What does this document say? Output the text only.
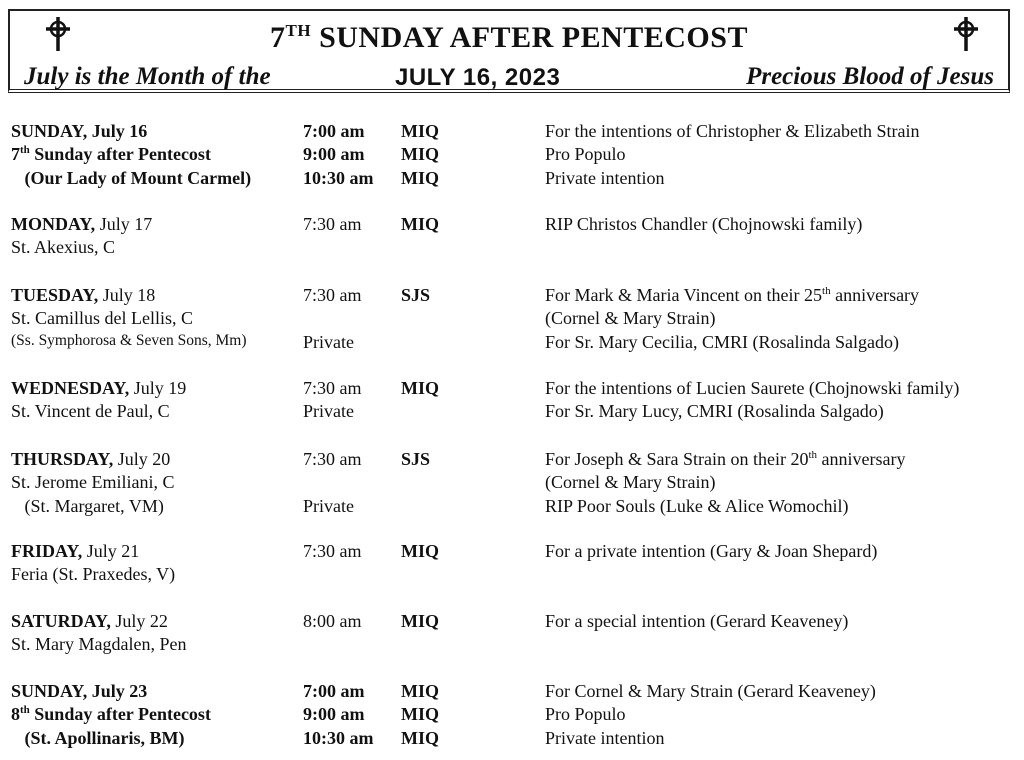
7TH SUNDAY AFTER PENTECOST
July is the Month of the	JULY 16, 2023	Precious Blood of Jesus
SUNDAY, July 16	7:00 am MIQ	For the intentions of Christopher & Elizabeth Strain
7th Sunday after Pentecost	9:00 am MIQ	Pro Populo
(Our Lady of Mount Carmel)	10:30 am MIQ	Private intention
MONDAY, July 17	7:30 am MIQ	RIP Christos Chandler (Chojnowski family)
St. Akexius, C
TUESDAY, July 18	7:30 am SJS	For Mark & Maria Vincent on their 25th anniversary
St. Camillus del Lellis, C	(Cornel & Mary Strain)
(Ss. Symphorosa & Seven Sons, Mm)	Private	For Sr. Mary Cecilia, CMRI (Rosalinda Salgado)
WEDNESDAY, July 19	7:30 am MIQ	For the intentions of Lucien Saurete (Chojnowski family)
St. Vincent de Paul, C	Private	For Sr. Mary Lucy, CMRI (Rosalinda Salgado)
THURSDAY, July 20	7:30 am SJS	For Joseph & Sara Strain on their 20th anniversary
St. Jerome Emiliani, C	(Cornel & Mary Strain)
(St. Margaret, VM)	Private	RIP Poor Souls (Luke & Alice Womochil)
FRIDAY, July 21	7:30 am MIQ	For a private intention (Gary & Joan Shepard)
Feria (St. Praxedes, V)
SATURDAY, July 22	8:00 am MIQ	For a special intention (Gerard Keaveney)
St. Mary Magdalen, Pen
SUNDAY, July 23	7:00 am MIQ	For Cornel & Mary Strain (Gerard Keaveney)
8th Sunday after Pentecost	9:00 am MIQ	Pro Populo
(St. Apollinaris, BM)	10:30 am MIQ	Private intention
